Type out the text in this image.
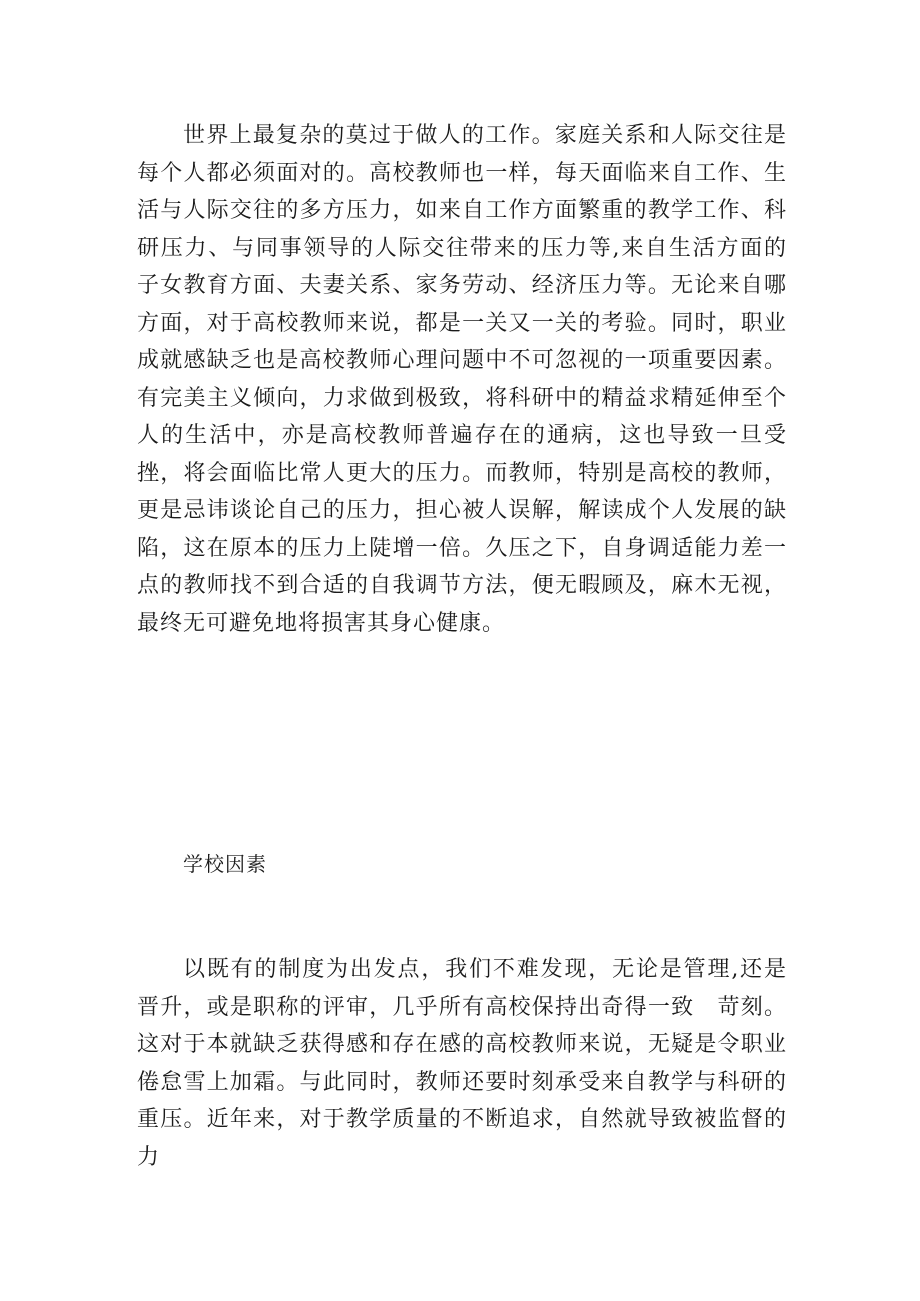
世界上最复杂的莫过于做人的工作。家庭关系和人际交往是每个人都必须面对的。高校教师也一样，每天面临来自工作、生活与人际交往的多方压力，如来自工作方面繁重的教学工作、科研压力、与同事领导的人际交往带来的压力等,来自生活方面的子女教育方面、夫妻关系、家务劳动、经济压力等。无论来自哪方面，对于高校教师来说，都是一关又一关的考验。同时，职业成就感缺乏也是高校教师心理问题中不可忽视的一项重要因素。有完美主义倾向，力求做到极致，将科研中的精益求精延伸至个人的生活中，亦是高校教师普遍存在的通病，这也导致一旦受挫，将会面临比常人更大的压力。而教师，特别是高校的教师，更是忌讳谈论自己的压力，担心被人误解，解读成个人发展的缺陷，这在原本的压力上陡增一倍。久压之下，自身调适能力差一点的教师找不到合适的自我调节方法，便无暇顾及，麻木无视，最终无可避免地将损害其身心健康。

学校因素

以既有的制度为出发点，我们不难发现，无论是管理,还是晋升，或是职称的评审，几乎所有高校保持出奇得一致　苛刻。这对于本就缺乏获得感和存在感的高校教师来说，无疑是令职业倦怠雪上加霜。与此同时，教师还要时刻承受来自教学与科研的重压。近年来，对于教学质量的不断追求，自然就导致被监督的力
